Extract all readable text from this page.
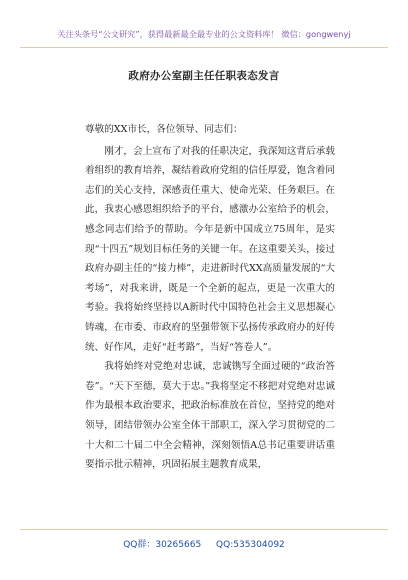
关注头条号“公文研究”，获得最新最全最专业的公文资料库！ 微信：gongwenyj
政府办公室副主任任职表态发言

尊敬的XX市长，各位领导、同志们：

刚才，会上宣布了对我的任职决定，我深知这背后承载着组织的教育培养，凝结着政府党组的信任厚爱，饱含着同志们的关心支持，深感责任重大、使命光荣、任务艰巨。在此，我衷心感恩组织给予的平台，感激办公室给予的机会，感念同志们给予的帮助。今年是新中国成立75周年，是实现“十四五”规划目标任务的关键一年。在这重要关头，接过政府办副主任的“接力棒”，走进新时代XX高质量发展的“大考场”，对我来讲，既是一个全新的起点，更是一次重大的考验。我将始终坚持以A新时代中国特色社会主义思想凝心铸魂，在市委、市政府的坚强带领下弘扬传承政府办的好传统、好作风，走好“赶考路”，当好“答卷人”。

我将始终对党绝对忠诚，忠诚镌写全面过硬的“政治答卷”。“天下至德，莫大于忠。”我将坚定不移把对党绝对忠诚作为最根本政治要求，把政治标准放在首位，坚持党的绝对领导，团结带领办公室全体干部职工，深入学习贯彻党的二十大和二十届二中全会精神，深刻领悟A总书记重要讲话重要指示批示精神，巩固拓展主题教育成果，

QQ群：30265665 QQ:535304092
